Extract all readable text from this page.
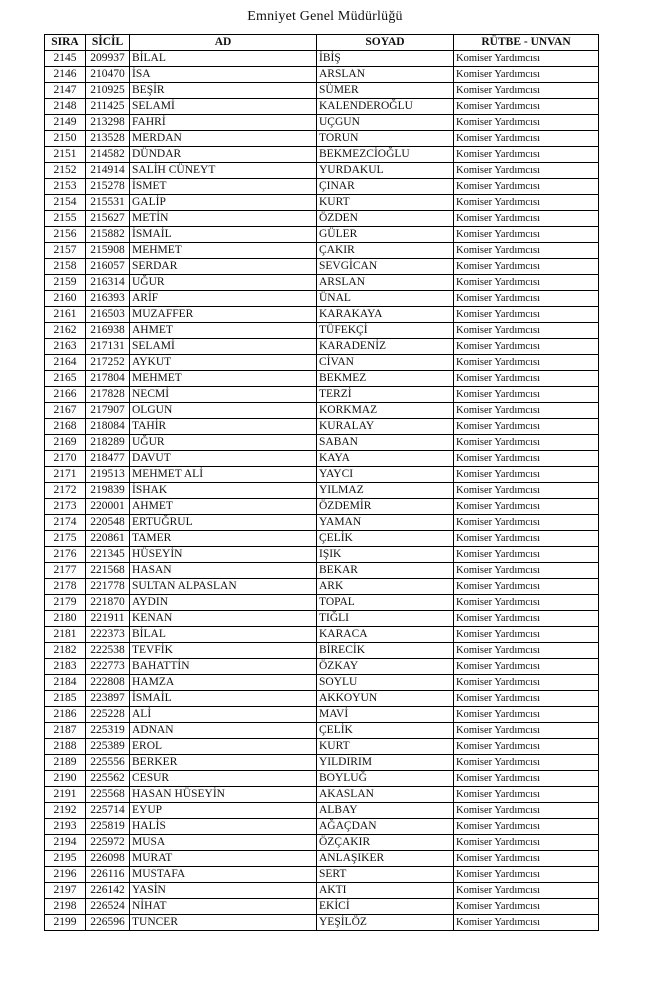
Emniyet Genel Müdürlüğü
SIRA	SİCİL	AD	SOYAD	RÜTBE - UNVAN
2145	209937	BİLAL	İBİŞ	Komiser Yardımcısı
2146	210470	İSA	ARSLAN	Komiser Yardımcısı
2147	210925	BEŞİR	SÜMER	Komiser Yardımcısı
2148	211425	SELAMİ	KALENDEROĞLU	Komiser Yardımcısı
2149	213298	FAHRİ	UÇGUN	Komiser Yardımcısı
2150	213528	MERDAN	TORUN	Komiser Yardımcısı
2151	214582	DÜNDAR	BEKMEZCİOĞLU	Komiser Yardımcısı
2152	214914	SALİH CÜNEYT	YURDAKUL	Komiser Yardımcısı
2153	215278	İSMET	ÇINAR	Komiser Yardımcısı
2154	215531	GALİP	KURT	Komiser Yardımcısı
2155	215627	METİN	ÖZDEN	Komiser Yardımcısı
2156	215882	İSMAİL	GÜLER	Komiser Yardımcısı
2157	215908	MEHMET	ÇAKIR	Komiser Yardımcısı
2158	216057	SERDAR	SEVGİCAN	Komiser Yardımcısı
2159	216314	UĞUR	ARSLAN	Komiser Yardımcısı
2160	216393	ARİF	ÜNAL	Komiser Yardımcısı
2161	216503	MUZAFFER	KARAKAYA	Komiser Yardımcısı
2162	216938	AHMET	TÜFEKÇİ	Komiser Yardımcısı
2163	217131	SELAMİ	KARADENİZ	Komiser Yardımcısı
2164	217252	AYKUT	CİVAN	Komiser Yardımcısı
2165	217804	MEHMET	BEKMEZ	Komiser Yardımcısı
2166	217828	NECMİ	TERZİ	Komiser Yardımcısı
2167	217907	OLGUN	KORKMAZ	Komiser Yardımcısı
2168	218084	TAHİR	KURALAY	Komiser Yardımcısı
2169	218289	UĞUR	SABAN	Komiser Yardımcısı
2170	218477	DAVUT	KAYA	Komiser Yardımcısı
2171	219513	MEHMET ALİ	YAYCI	Komiser Yardımcısı
2172	219839	İSHAK	YILMAZ	Komiser Yardımcısı
2173	220001	AHMET	ÖZDEMİR	Komiser Yardımcısı
2174	220548	ERTUĞRUL	YAMAN	Komiser Yardımcısı
2175	220861	TAMER	ÇELİK	Komiser Yardımcısı
2176	221345	HÜSEYİN	IŞIK	Komiser Yardımcısı
2177	221568	HASAN	BEKAR	Komiser Yardımcısı
2178	221778	SULTAN ALPASLAN	ARK	Komiser Yardımcısı
2179	221870	AYDIN	TOPAL	Komiser Yardımcısı
2180	221911	KENAN	TIĞLI	Komiser Yardımcısı
2181	222373	BİLAL	KARACA	Komiser Yardımcısı
2182	222538	TEVFİK	BİRECİK	Komiser Yardımcısı
2183	222773	BAHATTİN	ÖZKAY	Komiser Yardımcısı
2184	222808	HAMZA	SOYLU	Komiser Yardımcısı
2185	223897	İSMAİL	AKKOYUN	Komiser Yardımcısı
2186	225228	ALİ	MAVİ	Komiser Yardımcısı
2187	225319	ADNAN	ÇELİK	Komiser Yardımcısı
2188	225389	EROL	KURT	Komiser Yardımcısı
2189	225556	BERKER	YILDIRIM	Komiser Yardımcısı
2190	225562	CESUR	BOYLUĞ	Komiser Yardımcısı
2191	225568	HASAN HÜSEYİN	AKASLAN	Komiser Yardımcısı
2192	225714	EYUP	ALBAY	Komiser Yardımcısı
2193	225819	HALİS	AĞAÇDAN	Komiser Yardımcısı
2194	225972	MUSA	ÖZÇAKIR	Komiser Yardımcısı
2195	226098	MURAT	ANLAŞIKER	Komiser Yardımcısı
2196	226116	MUSTAFA	SERT	Komiser Yardımcısı
2197	226142	YASİN	AKTI	Komiser Yardımcısı
2198	226524	NİHAT	EKİCİ	Komiser Yardımcısı
2199	226596	TUNCER	YEŞİLÖZ	Komiser Yardımcısı
